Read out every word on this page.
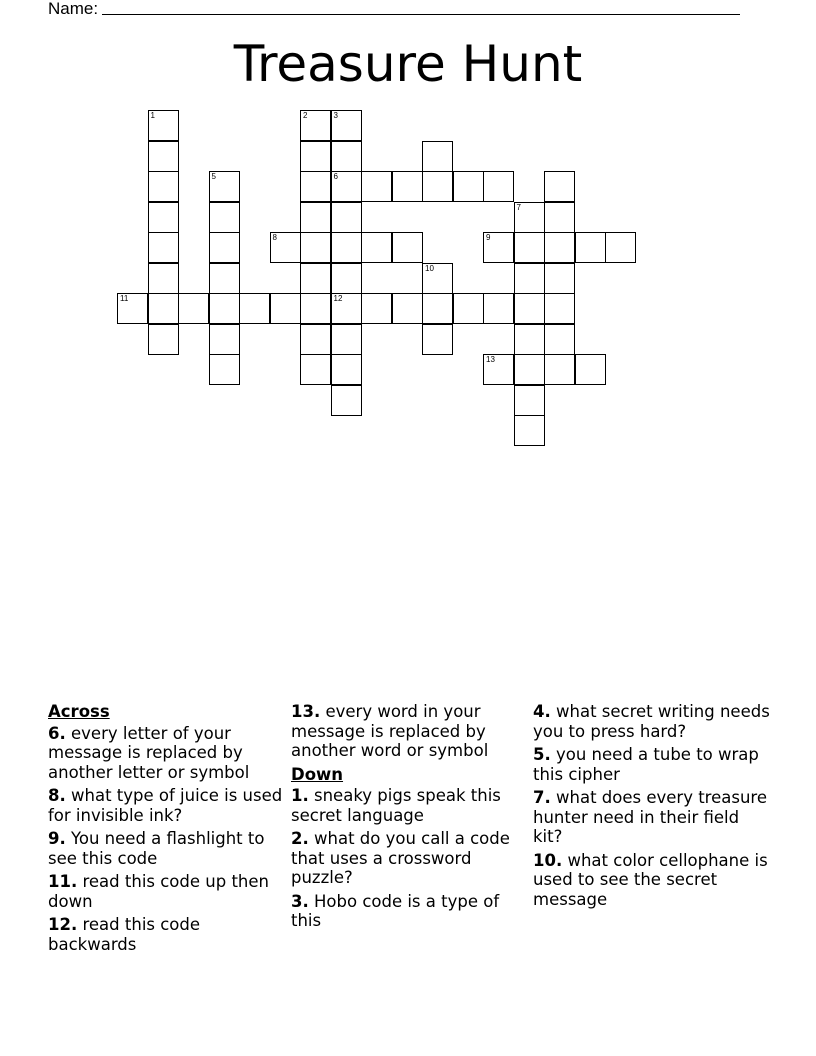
Name:
Treasure Hunt
1	2	3
5	6
7
8	9
10
11	12
13
Across
6. every letter of your message is replaced by another letter or symbol
8. what type of juice is used for invisible ink?
9. You need a flashlight to see this code
11. read this code up then down
12. read this code backwards
13. every word in your message is replaced by another word or symbol
Down
1. sneaky pigs speak this secret language
2. what do you call a code that uses a crossword puzzle?
3. Hobo code is a type of this
4. what secret writing needs you to press hard?
5. you need a tube to wrap this cipher
7. what does every treasure hunter need in their field kit?
10. what color cellophane is used to see the secret message
